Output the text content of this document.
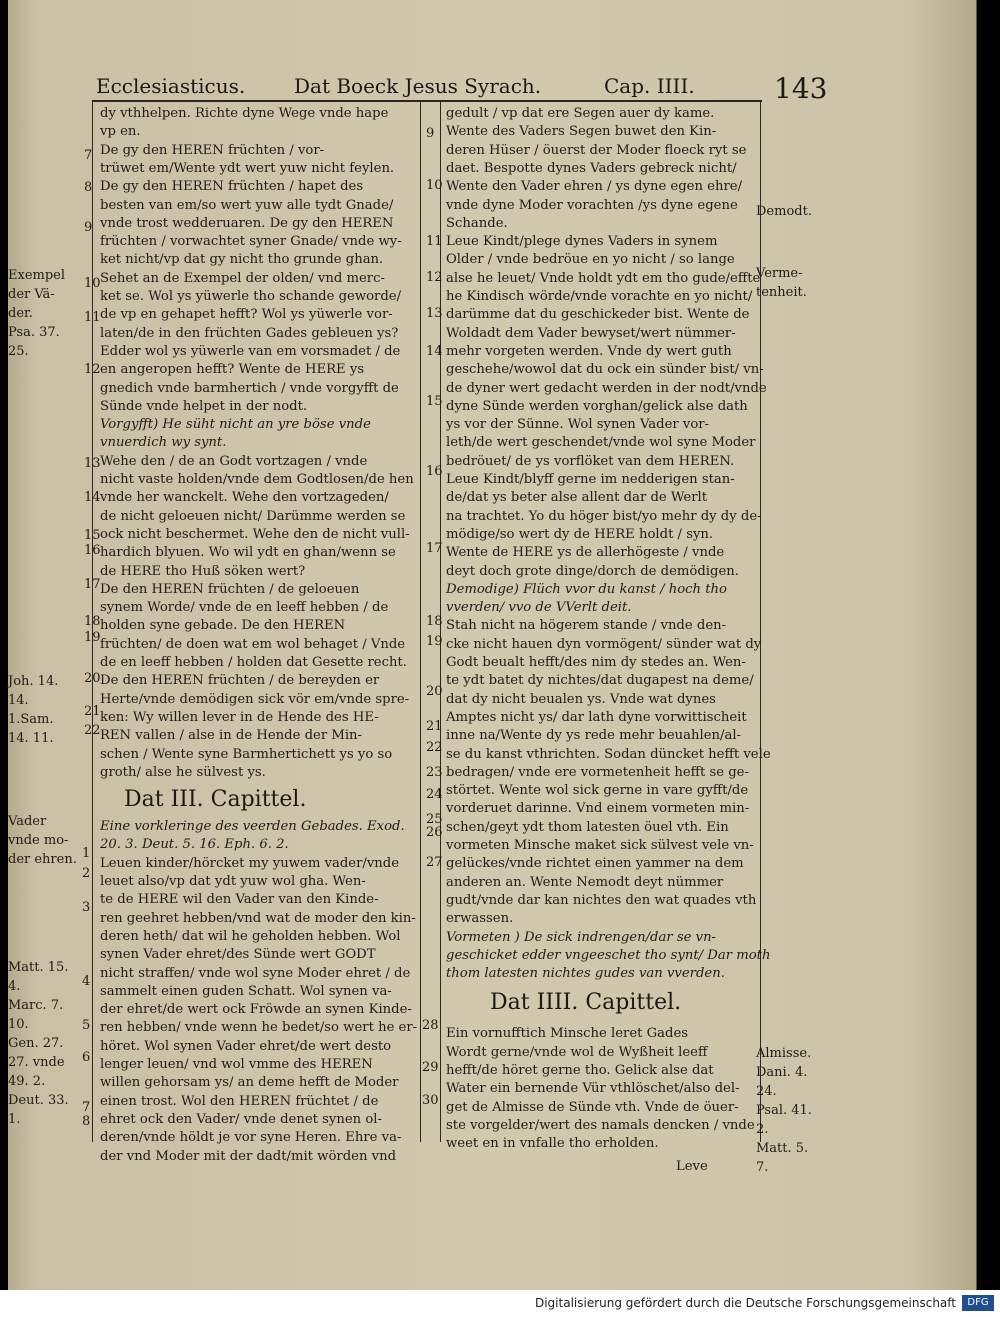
Ecclesiasticus. Dat Boeck Jesus Syrach.	Cap. IIII.	143
dy vthhelpen. Richte dyne Wege vnde hape
vp en.
De gy den HEREN früchten / vor-
trüwet em/Wente ydt wert yuw nicht feylen.
De gy den HEREN früchten / hapet des
besten van em/so wert yuw alle tydt Gnade/
vnde trost wedderuaren. De gy den HEREN
früchten / vorwachtet syner Gnade/ vnde wy-
ket nicht/vp dat gy nicht tho grunde ghan.
Sehet an de Exempel der olden/ vnd merc-
ket se. Wol ys yüwerle tho schande geworde/
de vp en gehapet hefft? Wol ys yüwerle vor-
laten/de in den früchten Gades gebleuen ys?
Edder wol ys yüwerle van em vorsmadet / de
en angeropen hefft? Wente de HERE ys
gnedich vnde barmhertich / vnde vorgyfft de
Sünde vnde helpet in der nodt.
Vorgyfft) He süht nicht an yre böse vnde
vnuerdich wy synt.
Wehe den / de an Godt vortzagen / vnde
nicht vaste holden/vnde dem Godtlosen/de hen
vnde her wanckelt. Wehe den vortzageden/
de nicht geloeuen nicht/ Darümme werden se
ock nicht beschermet. Wehe den de nicht vull-
hardich blyuen. Wo wil ydt en ghan/wenn se
de HERE tho Huß söken wert?
De den HEREN früchten / de geloeuen
synem Worde/ vnde de en leeff hebben / de
holden syne gebade. De den HEREN
früchten/ de doen wat em wol behaget / Vnde
de en leeff hebben / holden dat Gesette recht.
De den HEREN früchten / de bereyden er
Herte/vnde demödigen sick vör em/vnde spre-
ken: Wy willen lever in de Hende des HE-
REN vallen / alse in de Hende der Min-
schen / Wente syne Barmhertichett ys yo so
groth/ alse he sülvest ys.
Dat III. Capittel.
Eine vorkleringe des veerden Gebades. Exod.
20. 3. Deut. 5. 16. Eph. 6. 2.
Leuen kinder/hörcket my yuwem vader/vnde
leuet also/vp dat ydt yuw wol gha. Wen-
te de HERE wil den Vader van den Kinde-
ren geehret hebben/vnd wat de moder den kin-
deren heth/ dat wil he geholden hebben. Wol
synen Vader ehret/des Sünde wert GODT
nicht straffen/ vnde wol syne Moder ehret / de
sammelt einen guden Schatt. Wol synen va-
der ehret/de wert ock Fröwde an synen Kinde-
ren hebben/ vnde wenn he bedet/so wert he er-
höret. Wol synen Vader ehret/de wert desto
lenger leuen/ vnd wol vmme des HEREN
willen gehorsam ys/ an deme hefft de Moder
einen trost. Wol den HEREN früchtet / de
ehret ock den Vader/ vnde denet synen ol-
deren/vnde höldt je vor syne Heren. Ehre va-
der vnd Moder mit der dadt/mit wörden vnd
7
8
9
10
11
12
13
14
15
16
17
18
19
20
21
22
1
2
3
4
5
6
7
8
Exempel
der Vä-
der.
Psa. 37.
25.
Joh. 14.
14.
1.Sam.
14. 11.
Vader
vnde mo-
der ehren.
Matt. 15.
4.
Marc. 7.
10.
Gen. 27.
27. vnde
49. 2.
Deut. 33.
1.
gedult / vp dat ere Segen auer dy kame.
Wente des Vaders Segen buwet den Kin-
deren Hüser / öuerst der Moder floeck ryt se
daet. Bespotte dynes Vaders gebreck nicht/
Wente den Vader ehren / ys dyne egen ehre/
vnde dyne Moder vorachten /ys dyne egene
Schande.
Leue Kindt/plege dynes Vaders in synem
Older / vnde bedröue en yo nicht / so lange
alse he leuet/ Vnde holdt ydt em tho gude/effte
he Kindisch wörde/vnde vorachte en yo nicht/
darümme dat du geschickeder bist. Wente de
Woldadt dem Vader bewyset/wert nümmer-
mehr vorgeten werden. Vnde dy wert guth
geschehe/wowol dat du ock ein sünder bist/ vn-
de dyner wert gedacht werden in der nodt/vnde
dyne Sünde werden vorghan/gelick alse dath
ys vor der Sünne. Wol synen Vader vor-
leth/de wert geschendet/vnde wol syne Moder
bedröuet/ de ys vorflöket van dem HEREN.
Leue Kindt/blyff gerne im nedderigen stan-
de/dat ys beter alse allent dar de Werlt
na trachtet. Yo du höger bist/yo mehr dy dy de-
mödige/so wert dy de HERE holdt / syn.
Wente de HERE ys de allerhögeste / vnde
deyt doch grote dinge/dorch de demödigen.
Demodige) Flüch vvor du kanst / hoch tho
vverden/ vvo de VVerlt deit.
Stah nicht na högerem stande / vnde den-
cke nicht hauen dyn vormögent/ sünder wat dy
Godt beualt hefft/des nim dy stedes an. Wen-
te ydt batet dy nichtes/dat dugapest na deme/
dat dy nicht beualen ys. Vnde wat dynes
Amptes nicht ys/ dar lath dyne vorwittischeit
inne na/Wente dy ys rede mehr beuahlen/al-
se du kanst vthrichten. Sodan düncket hefft vele
bedragen/ vnde ere vormetenheit hefft se ge-
störtet. Wente wol sick gerne in vare gyfft/de
vorderuet darinne. Vnd einem vormeten min-
schen/geyt ydt thom latesten öuel vth. Ein
vormeten Minsche maket sick sülvest vele vn-
gelückes/vnde richtet einen yammer na dem
anderen an. Wente Nemodt deyt nümmer
gudt/vnde dar kan nichtes den wat quades vth
erwassen.
Vormeten ) De sick indrengen/dar se vn-
geschicket edder vngeeschet tho synt/ Dar moth
thom latesten nichtes gudes van vverden.
Dat IIII. Capittel.
Ein vornufftich Minsche leret Gades
Wordt gerne/vnde wol de Wyßheit leeff
hefft/de höret gerne tho. Gelick alse dat
Water ein bernende Vür vthlöschet/also del-
get de Almisse de Sünde vth. Vnde de öuer-
ste vorgelder/wert des namals dencken / vnde
weet en in vnfalle tho erholden.
Leve
9
10
11
12
13
14
15
16
17
18
19
20
21
22
23
24
25
26
27
28
29
30
Demodt.
Verme-
tenheit.
Almisse.
Dani. 4.
24.
Psal. 41.
2.
Matt. 5.
7.
Digitalisierung gefördert durch die Deutsche Forschungsgemeinschaft	DFG
